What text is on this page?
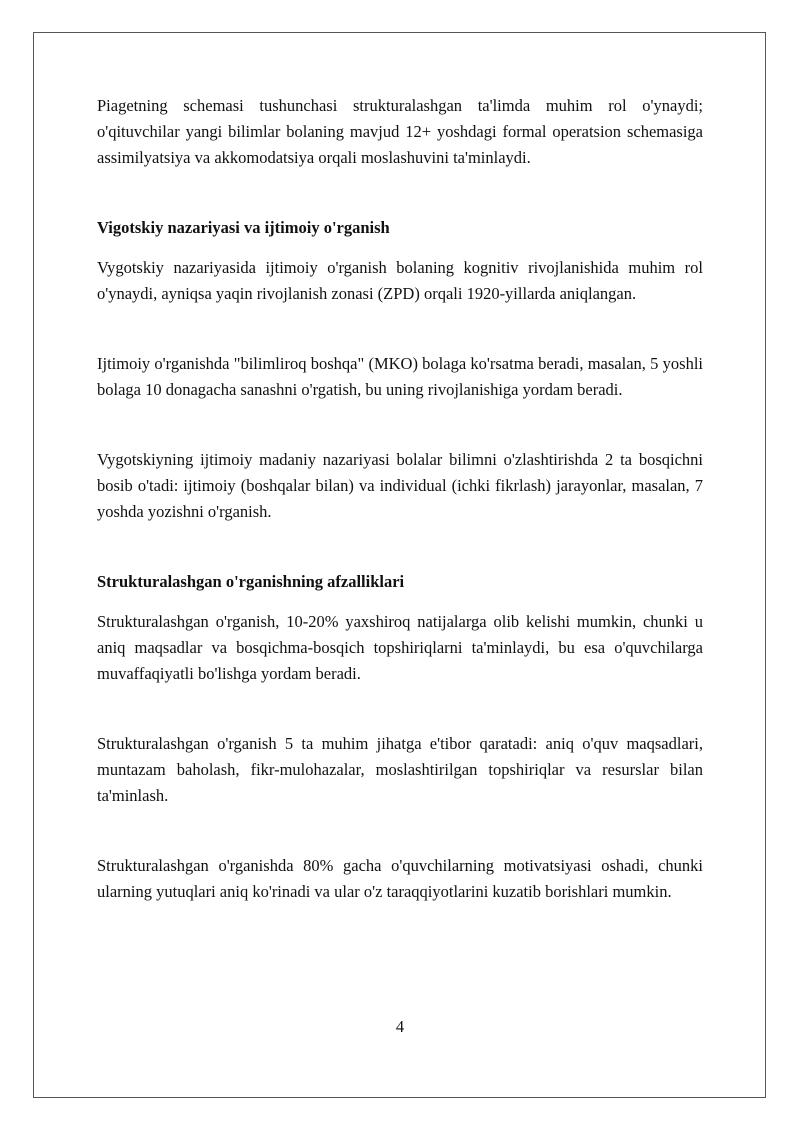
Piagetning schemasi tushunchasi strukturalashgan ta'limda muhim rol o'ynaydi; o'qituvchilar yangi bilimlar bolaning mavjud 12+ yoshdagi formal operatsion schemasiga assimilyatsiya va akkomodatsiya orqali moslashuvini ta'minlaydi.

Vigotskiy nazariyasi va ijtimoiy o'rganish

Vygotskiy nazariyasida ijtimoiy o'rganish bolaning kognitiv rivojlanishida muhim rol o'ynaydi, ayniqsa yaqin rivojlanish zonasi (ZPD) orqali 1920-yillarda aniqlangan.

Ijtimoiy o'rganishda "bilimliroq boshqa" (MKO) bolaga ko'rsatma beradi, masalan, 5 yoshli bolaga 10 donagacha sanashni o'rgatish, bu uning rivojlanishiga yordam beradi.

Vygotskiyning ijtimoiy madaniy nazariyasi bolalar bilimni o'zlashtirishda 2 ta bosqichni bosib o'tadi: ijtimoiy (boshqalar bilan) va individual (ichki fikrlash) jarayonlar, masalan, 7 yoshda yozishni o'rganish.

Strukturalashgan o'rganishning afzalliklari

Strukturalashgan o'rganish, 10-20% yaxshiroq natijalarga olib kelishi mumkin, chunki u aniq maqsadlar va bosqichma-bosqich topshiriqlarni ta'minlaydi, bu esa o'quvchilarga muvaffaqiyatli bo'lishga yordam beradi.

Strukturalashgan o'rganish 5 ta muhim jihatga e'tibor qaratadi: aniq o'quv maqsadlari, muntazam baholash, fikr-mulohazalar, moslashtirilgan topshiriqlar va resurslar bilan ta'minlash.

Strukturalashgan o'rganishda 80% gacha o'quvchilarning motivatsiyasi oshadi, chunki ularning yutuqlari aniq ko'rinadi va ular o'z taraqqiyotlarini kuzatib borishlari mumkin.

4
